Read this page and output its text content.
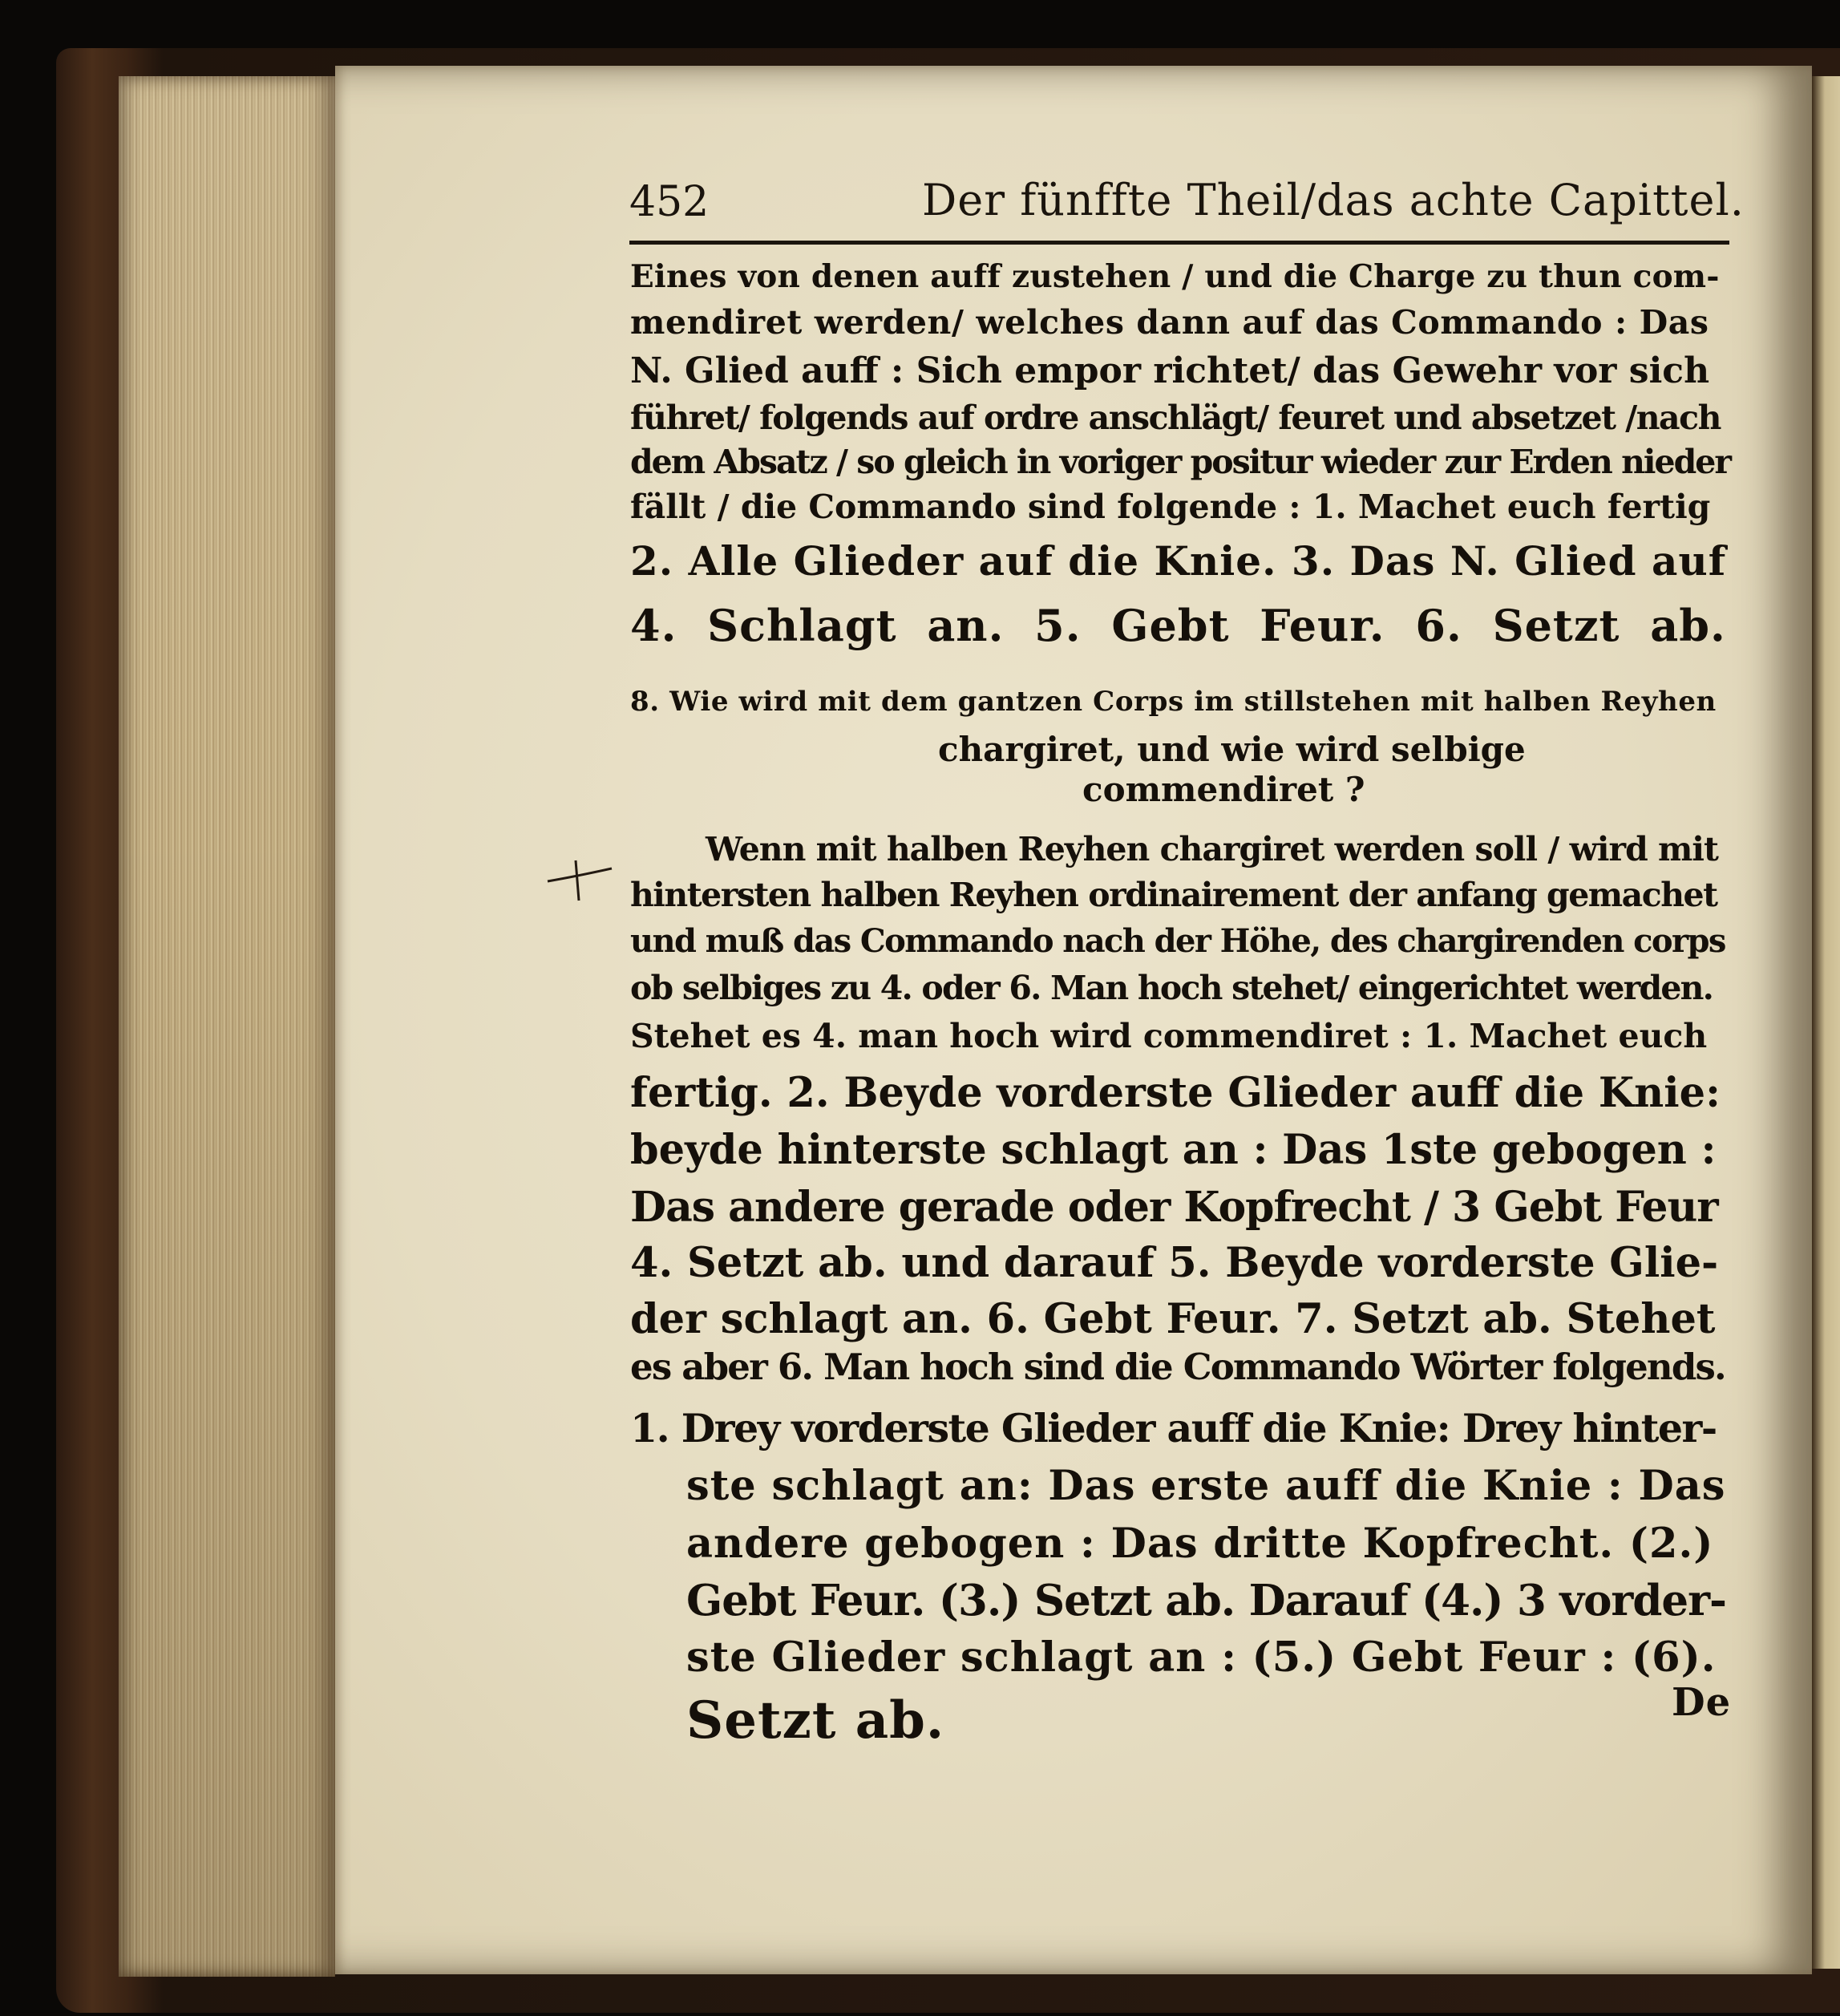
452	Der fünffte Theil/das achte Capittel.

Eines von denen auff zustehen / und die Charge zu thun com-

mendiret werden/ welches dann auf das Commando : Das

N. Glied auff : Sich empor richtet/ das Gewehr vor sich

führet/ folgends auf ordre anschlägt/ feuret und absetzet /nach

dem Absatz / so gleich in voriger positur wieder zur Erden nieder

fällt / die Commando sind folgende : 1. Machet euch fertig

2. Alle Glieder auf die Knie. 3. Das N. Glied auf

4. Schlagt an. 5. Gebt Feur. 6. Setzt ab.

8. Wie wird mit dem gantzen Corps im stillstehen mit halben Reyhen

chargiret, und wie wird selbige

commendiret ?

Wenn mit halben Reyhen chargiret werden soll / wird mit

hintersten halben Reyhen ordinairement der anfang gemachet

und muß das Commando nach der Höhe, des chargirenden corps

ob selbiges zu 4. oder 6. Man hoch stehet/ eingerichtet werden.

Stehet es 4. man hoch wird commendiret : 1. Machet euch

fertig. 2. Beyde vorderste Glieder auff die Knie:

beyde hinterste schlagt an : Das 1ste gebogen :

Das andere gerade oder Kopfrecht / 3 Gebt Feur

4. Setzt ab. und darauf 5. Beyde vorderste Glie-

der schlagt an. 6. Gebt Feur. 7. Setzt ab. Stehet

es aber 6. Man hoch sind die Commando Wörter folgends.

1. Drey vorderste Glieder auff die Knie: Drey hinter-

ste schlagt an: Das erste auff die Knie : Das

andere gebogen : Das dritte Kopfrecht. (2.)

Gebt Feur. (3.) Setzt ab. Darauf (4.) 3 vorder-

ste Glieder schlagt an : (5.) Gebt Feur : (6).

Setzt ab.	De
